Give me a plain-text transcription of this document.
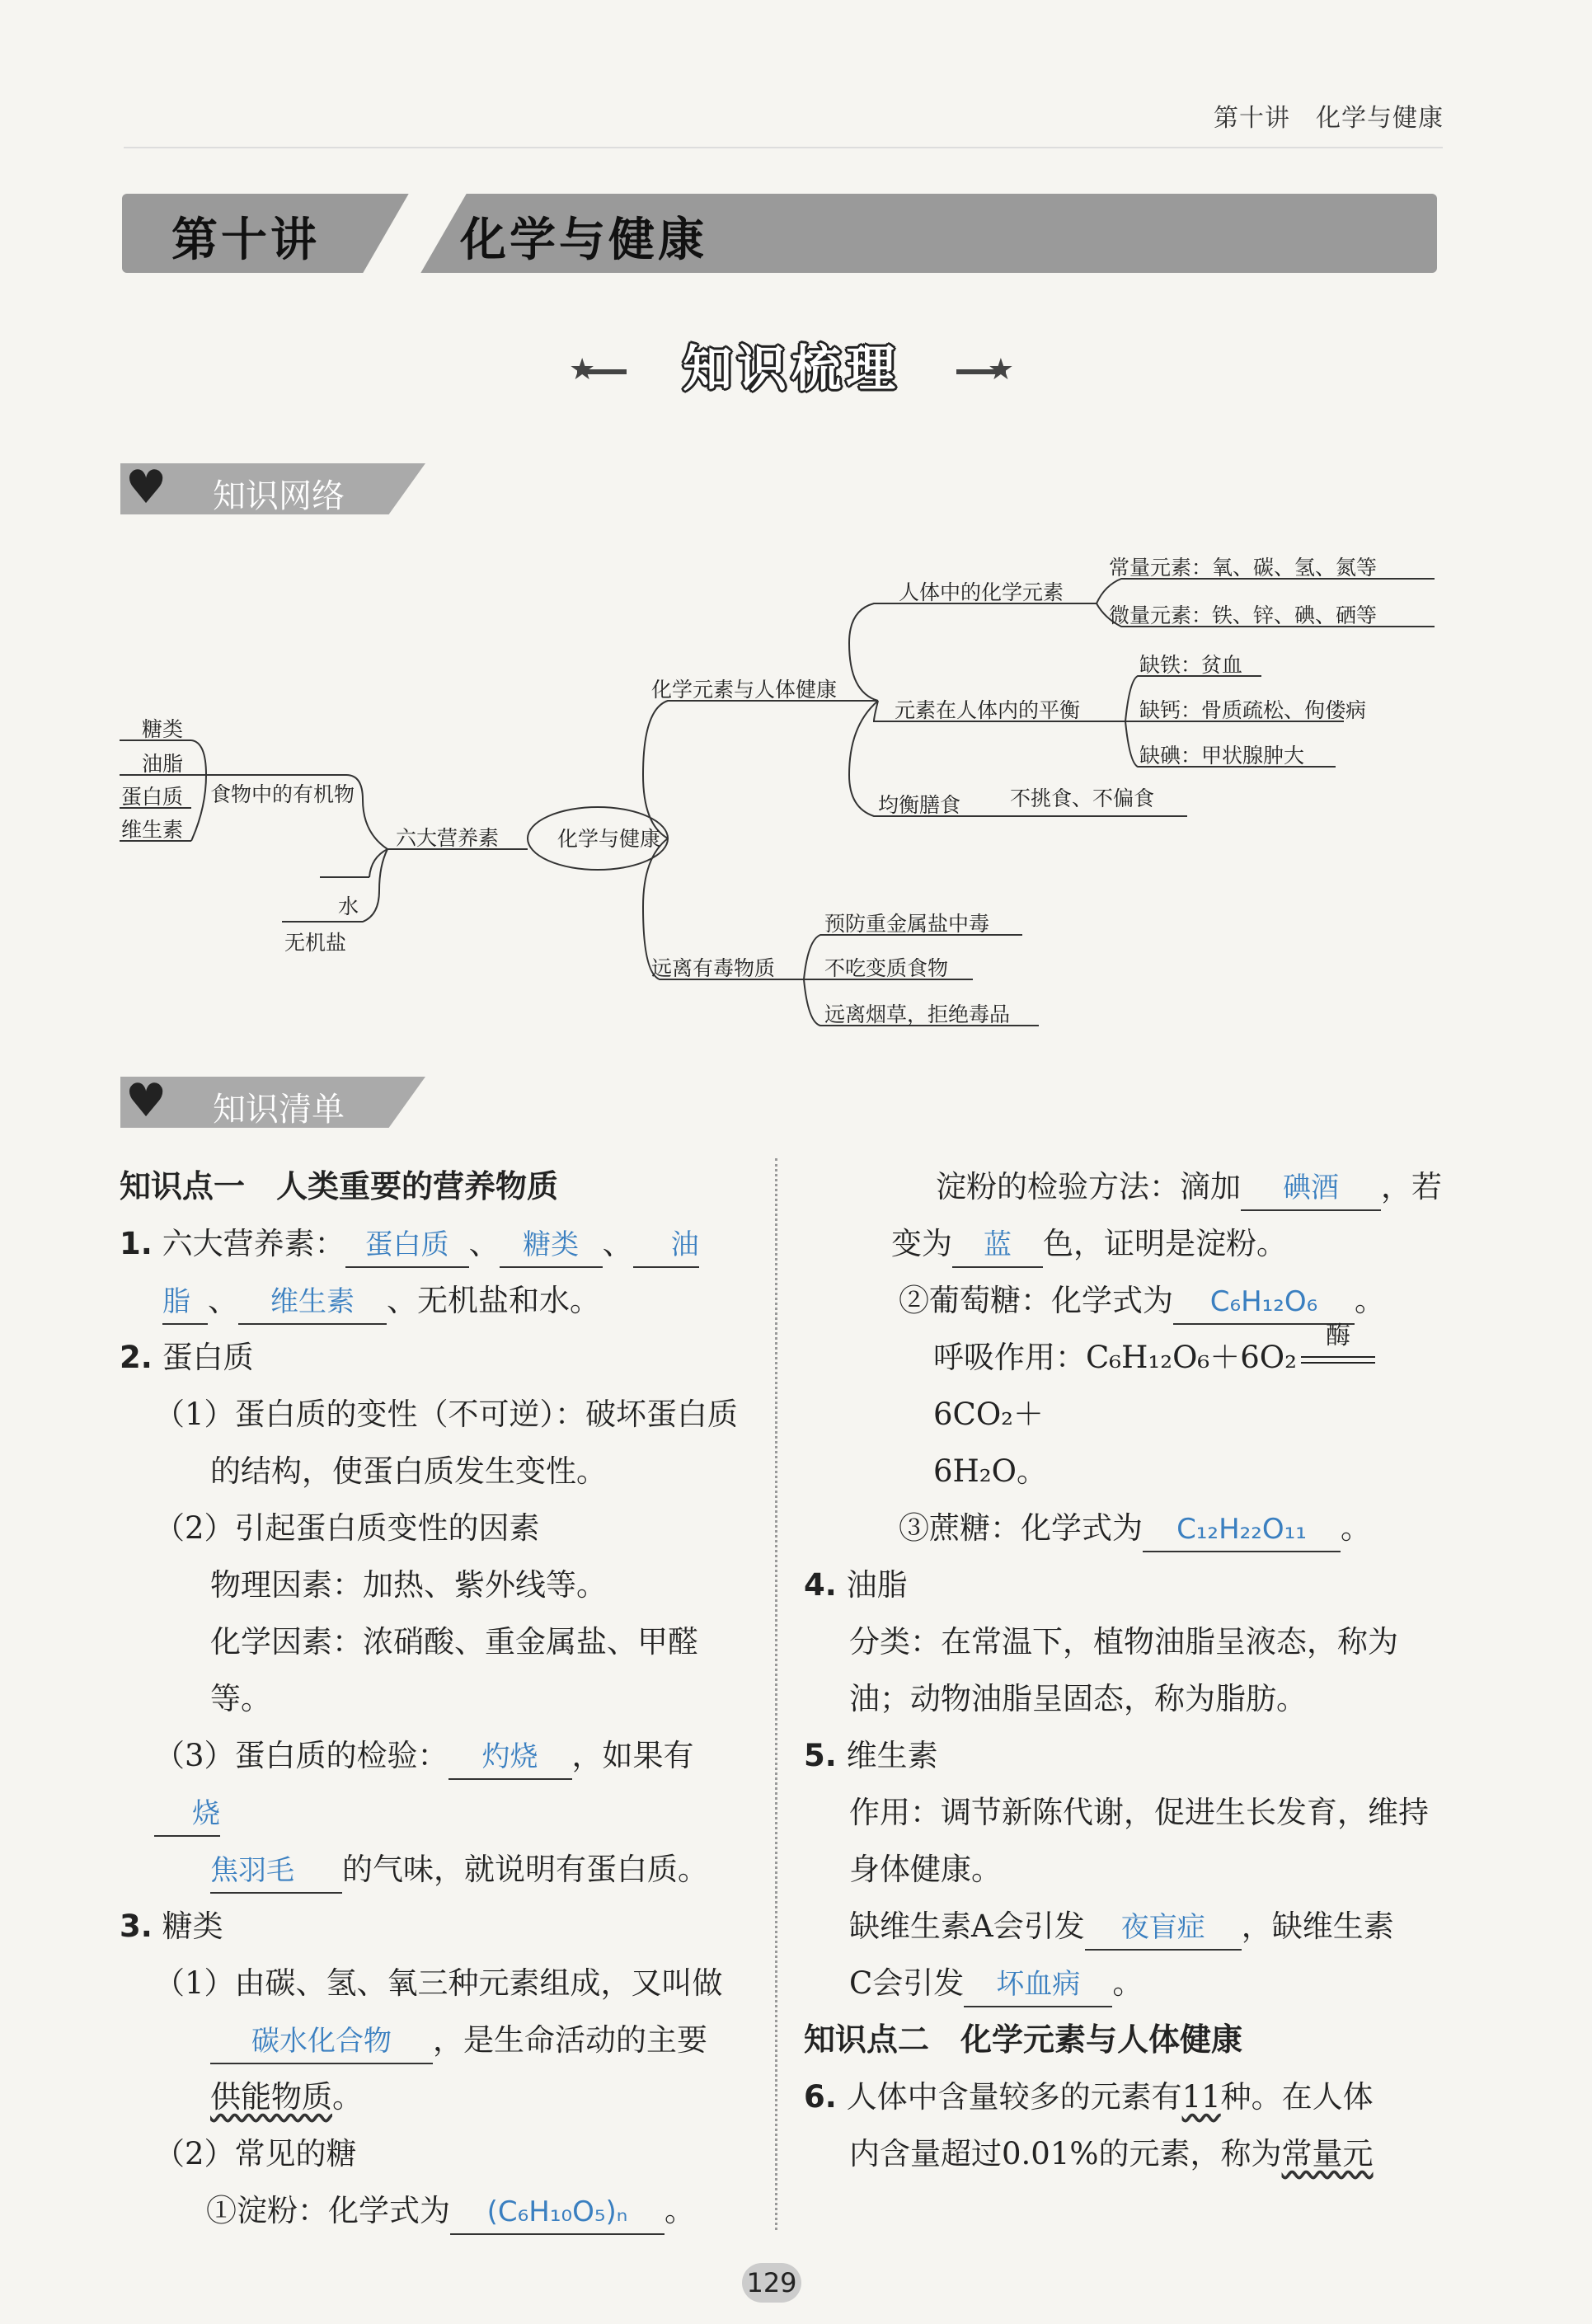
第十讲　化学与健康
第十讲	化学与健康
★	★
知识梳理
♥ 知识网络
化学与健康
六大营养素
食物中的有机物
糖类
油脂
蛋白质
维生素
水
无机盐
化学元素与人体健康
人体中的化学元素
常量元素：氧、碳、氢、氮等
微量元素：铁、锌、碘、硒等
元素在人体内的平衡
缺铁：贫血
缺钙：骨质疏松、佝偻病
缺碘：甲状腺肿大
均衡膳食 不挑食、不偏食
远离有毒物质
预防重金属盐中毒
不吃变质食物
远离烟草，拒绝毒品
♥ 知识清单

知识点一　人类重要的营养物质

1. 六大营养素： 蛋白质 、 糖类 、 油

脂 、 维生素 、无机盐和水。

2. 蛋白质

（1）蛋白质的变性（不可逆）：破坏蛋白质

的结构，使蛋白质发生变性。

（2）引起蛋白质变性的因素

物理因素：加热、紫外线等。

化学因素：浓硝酸、重金属盐、甲醛等。

（3）蛋白质的检验： 灼烧 ，如果有烧

焦羽毛 的气味，就说明有蛋白质。

3. 糖类

（1）由碳、氢、氧三种元素组成，又叫做

碳水化合物 ，是生命活动的主要

供能物质。

（2）常见的糖

①淀粉：化学式为 (C₆H₁₀O₅)ₙ 。

淀粉的检验方法：滴加 碘酒 ，若

变为 蓝 色，证明是淀粉。

②葡萄糖：化学式为 C₆H₁₂O₆ 。

呼吸作用：C₆H₁₂O₆＋6O₂
酶
6CO₂＋

6H₂O。

③蔗糖：化学式为 C₁₂H₂₂O₁₁ 。

4. 油脂

分类：在常温下，植物油脂呈液态，称为

油；动物油脂呈固态，称为脂肪。

5. 维生素

作用：调节新陈代谢，促进生长发育，维持

身体健康。

缺维生素A会引发 夜盲症 ，缺维生素

C会引发 坏血病 。

知识点二　化学元素与人体健康

6. 人体中含量较多的元素有11种。在人体

内含量超过0.01%的元素，称为常量元

129
